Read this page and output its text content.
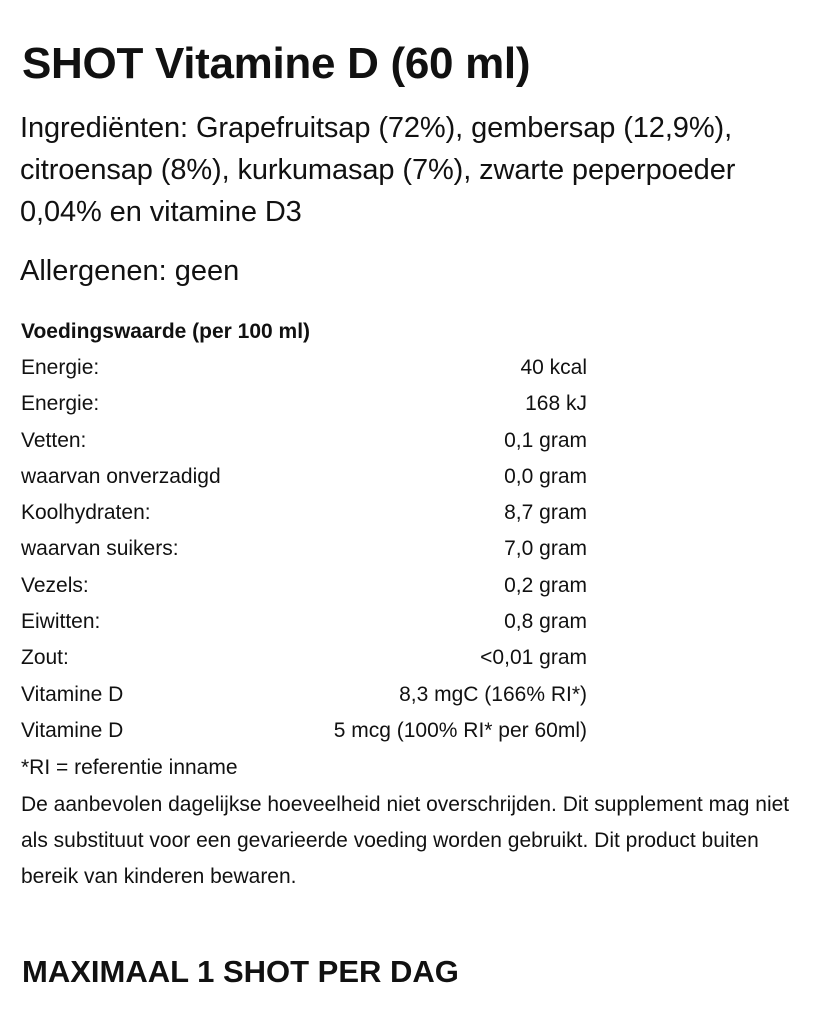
SHOT Vitamine D (60 ml)

Ingrediënten: Grapefruitsap (72%), gembersap (12,9%), citroensap (8%), kurkumasap (7%), zwarte peperpoeder 0,04% en vitamine D3

Allergenen: geen

Voedingswaarde (per 100 ml)
Energie:	40 kcal
Energie:	168 kJ
Vetten:	0,1 gram
waarvan onverzadigd	0,0 gram
Koolhydraten:	8,7 gram
waarvan suikers:	7,0 gram
Vezels:	0,2 gram
Eiwitten:	0,8 gram
Zout:	<0,01 gram
Vitamine D	8,3 mgC (166% RI*)
Vitamine D	5 mcg (100% RI* per 60ml)

*RI = referentie inname

De aanbevolen dagelijkse hoeveelheid niet overschrijden. Dit supplement mag niet als substituut voor een gevarieerde voeding worden gebruikt. Dit product buiten bereik van kinderen bewaren.

MAXIMAAL 1 SHOT PER DAG
